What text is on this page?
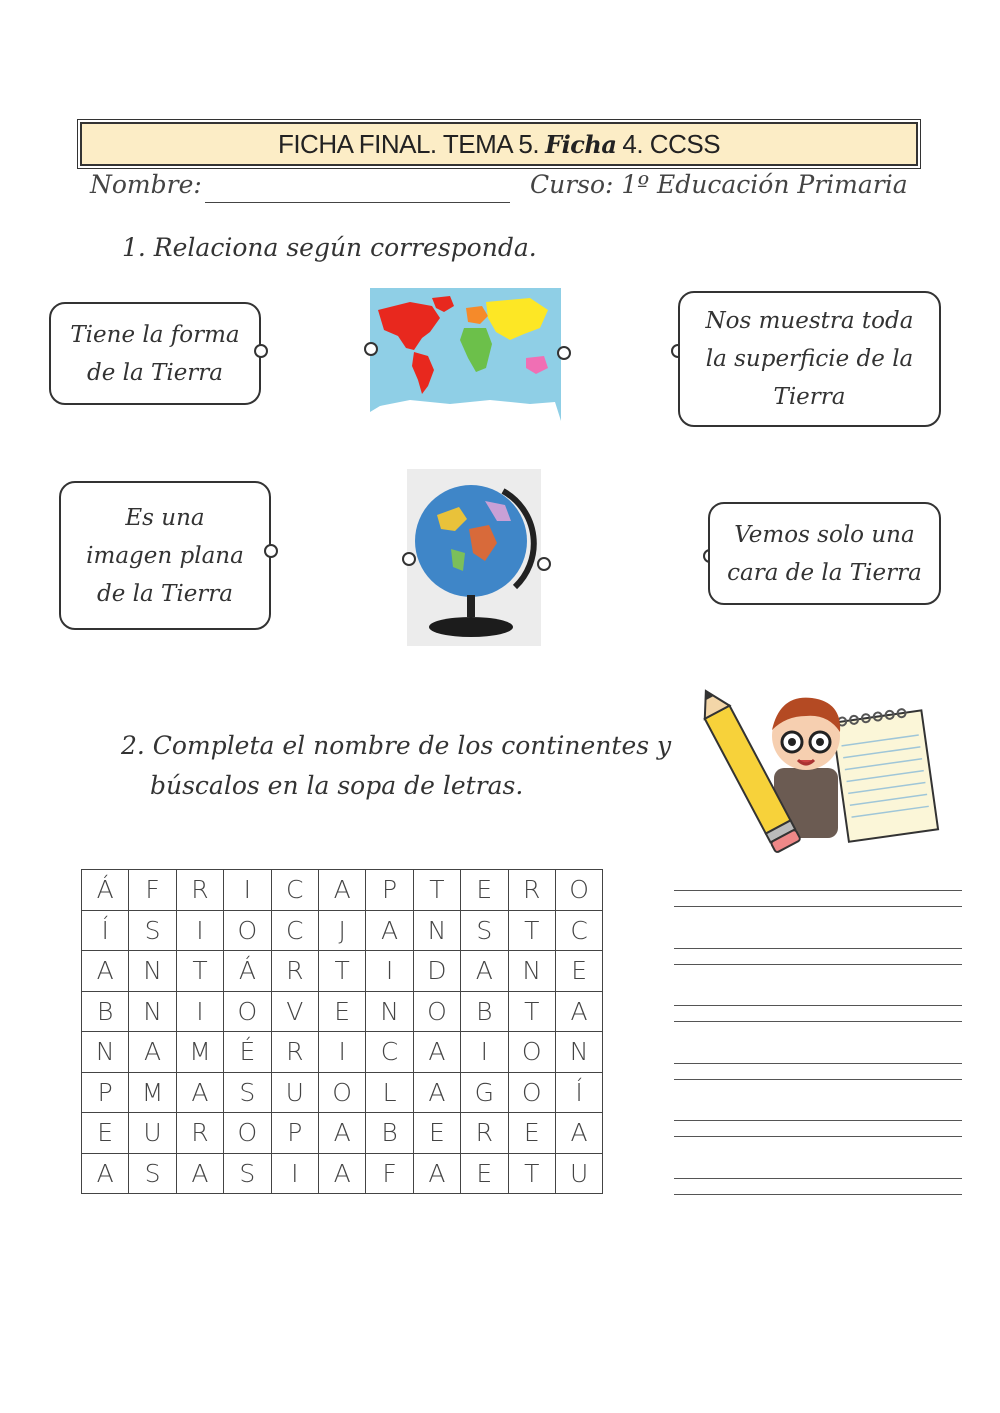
FICHA FINAL. TEMA 5. Ficha 4. CCSS
Nombre:	Curso: 1º Educación Primaria
1. Relaciona según corresponda.
Tiene la forma
de la Tierra
Nos muestra toda
la superficie de la
Tierra
Es una
imagen plana
de la Tierra
Vemos solo una
cara de la Tierra
2. Completa el nombre de los continentes y
búscalos en la sopa de letras.
Á	F	R	I	C	A	P	T	E	R	O
Í	S	I	O	C	J	A	N	S	T	C
A	N	T	Á	R	T	I	D	A	N	E
B	N	I	O	V	E	N	O	B	T	A
N	A	M	É	R	I	C	A	I	O	N
P	M	A	S	U	O	L	A	G	O	Í
E	U	R	O	P	A	B	E	R	E	A
A	S	A	S	I	A	F	A	E	T	U
